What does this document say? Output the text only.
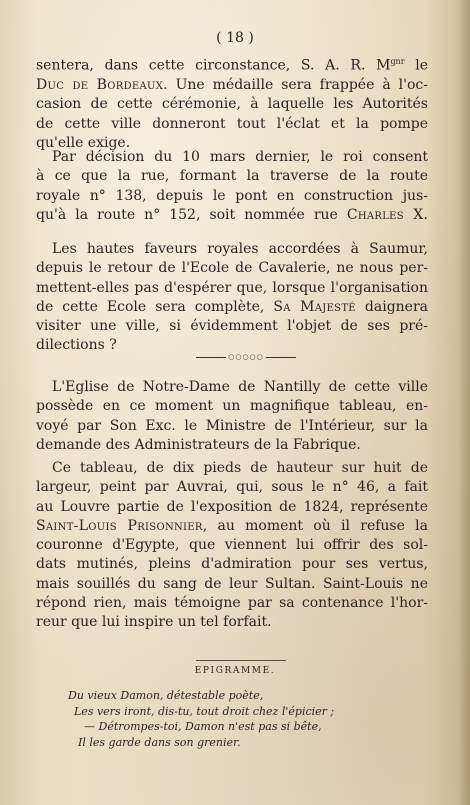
( 18 )
sentera, dans cette circonstance, S. A. R. $M^{gnr}$ le
Duc de Bordeaux. Une médaille sera frappée à l'oc-
casion de cette cérémonie, à laquelle les Autorités
de cette ville donneront tout l'éclat et la pompe
qu'elle exige.
Par décision du 10 mars dernier, le roi consent
à ce que la rue, formant la traverse de la route
royale n° 138, depuis le pont en construction jus-
qu'à la route n° 152, soit nommée rue Charles X.
Les hautes faveurs royales accordées à Saumur,
depuis le retour de l'Ecole de Cavalerie, ne nous per-
mettent-elles pas d'espérer que, lorsque l'organisation
de cette Ecole sera complète, Sa Majesté daignera
visiter une ville, si évidemment l'objet de ses pré-
dilections ?
○○○○○
L'Eglise de Notre-Dame de Nantilly de cette ville
possède en ce moment un magnifique tableau, en-
voyé par Son Exc. le Ministre de l'Intérieur, sur la
demande des Administrateurs de la Fabrique.
Ce tableau, de dix pieds de hauteur sur huit de
largeur, peint par Auvrai, qui, sous le n° 46, a fait
au Louvre partie de l'exposition de 1824, représente
Saint-Louis Prisonnier, au moment où il refuse la
couronne d'Egypte, que viennent lui offrir des sol-
dats mutinés, pleins d'admiration pour ses vertus,
mais souillés du sang de leur Sultan. Saint-Louis ne
répond rien, mais témoigne par sa contenance l'hor-
reur que lui inspire un tel forfait.
EPIGRAMME.
Du vieux Damon, détestable poète,
Les vers iront, dis-tu, tout droit chez l'épicier ;
— Détrompes-toi, Damon n'est pas si bête,
Il les garde dans son grenier.
